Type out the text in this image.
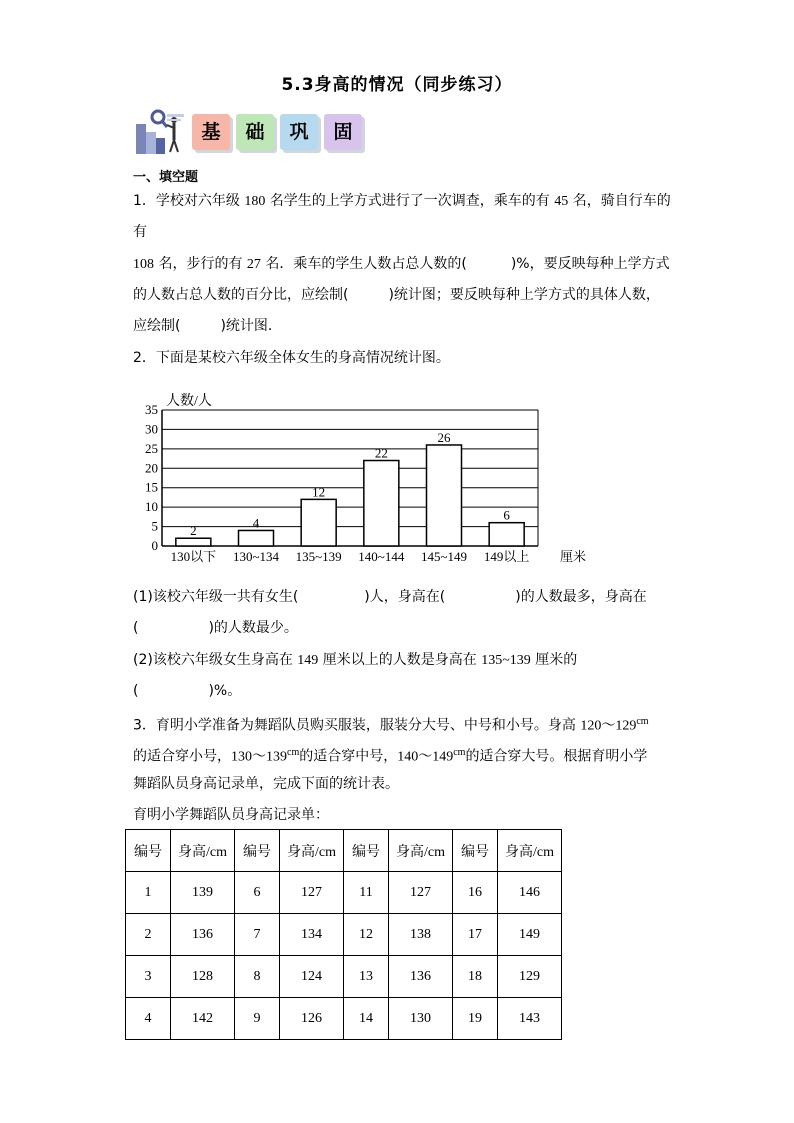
5.3身高的情况（同步练习）
基	础	巩	固
一、填空题
1．学校对六年级 180 名学生的上学方式进行了一次调查，乘车的有 45 名，骑自行车的
有
108 名，步行的有 27 名．乘车的学生人数占总人数的(	)%，要反映每种上学方式
的人数占总人数的百分比，应绘制(	)统计图；要反映每种上学方式的具体人数，
应绘制(	)统计图．
2．下面是某校六年级全体女生的身高情况统计图。
0
5
10
15
20
25
30
35
人数/人
2
130以下
4
130~134
12
135~139
22
140~144
26
145~149
6
149以上 厘米
(1)该校六年级一共有女生(	)人，身高在(	)的人数最多，身高在
(	)的人数最少。
(2)该校六年级女生身高在 149 厘米以上的人数是身高在 135~139 厘米的
(	)%。
3．育明小学准备为舞蹈队员购买服装，服装分大号、中号和小号。身高 $120\sim 129^{cm}$
的适合穿小号，$130\sim 139^{cm}$的适合穿中号，$140\sim 149^{cm}$的适合穿大号。根据育明小学
舞蹈队员身高记录单，完成下面的统计表。
育明小学舞蹈队员身高记录单：
编号	身高/cm	编号	身高/cm	编号	身高/cm	编号	身高/cm
1	139	6	127	11	127	16	146
2	136	7	134	12	138	17	149
3	128	8	124	13	136	18	129
4	142	9	126	14	130	19	143
